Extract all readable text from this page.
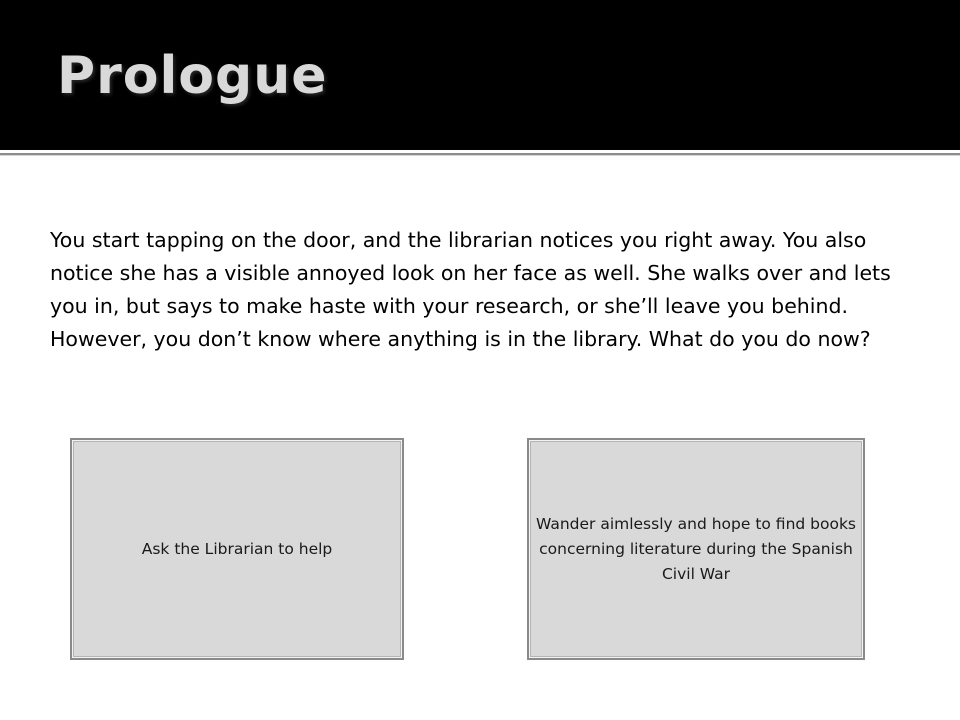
Prologue

You start tapping on the door, and the librarian notices you right away. You also notice she has a visible annoyed look on her face as well. She walks over and lets you in, but says to make haste with your research, or she’ll leave you behind. However, you don’t know where anything is in the library. What do you do now?

Ask the Librarian to help
Wander aimlessly and hope to find books concerning literature during the Spanish Civil War
